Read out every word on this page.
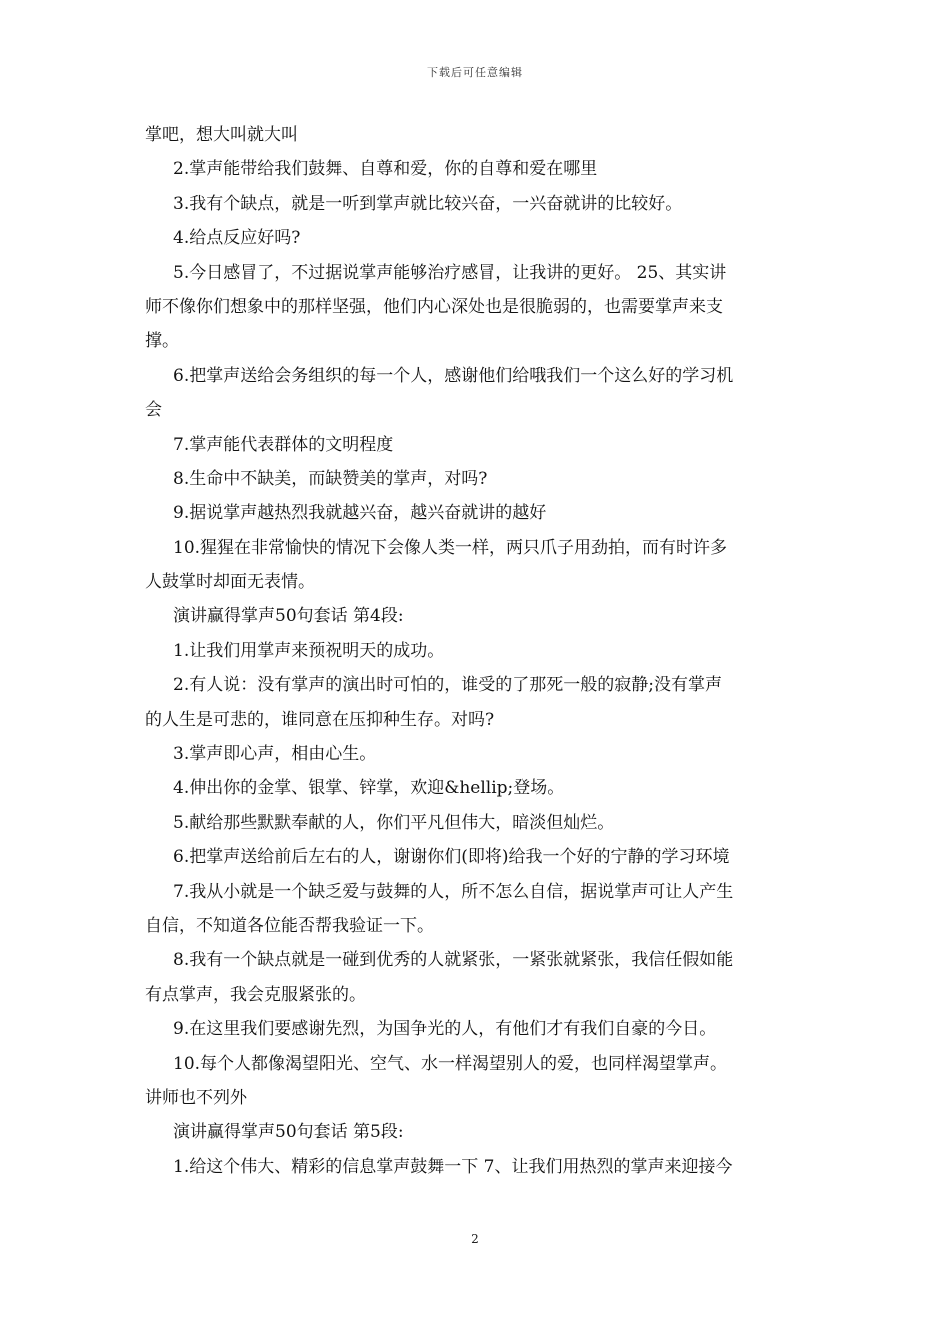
下载后可任意编辑
掌吧，想大叫就大叫
2.掌声能带给我们鼓舞、自尊和爱，你的自尊和爱在哪里
3.我有个缺点，就是一听到掌声就比较兴奋，一兴奋就讲的比较好。
4.给点反应好吗?
5.今日感冒了，不过据说掌声能够治疗感冒，让我讲的更好。 25、其实讲
师不像你们想象中的那样坚强，他们内心深处也是很脆弱的，也需要掌声来支
撑。
6.把掌声送给会务组织的每一个人，感谢他们给哦我们一个这么好的学习机
会
7.掌声能代表群体的文明程度
8.生命中不缺美，而缺赞美的掌声，对吗?
9.据说掌声越热烈我就越兴奋，越兴奋就讲的越好
10.猩猩在非常愉快的情况下会像人类一样，两只爪子用劲拍，而有时许多
人鼓掌时却面无表情。
演讲赢得掌声50句套话 第4段:
1.让我们用掌声来预祝明天的成功。
2.有人说：没有掌声的演出时可怕的，谁受的了那死一般的寂静;没有掌声
的人生是可悲的，谁同意在压抑种生存。对吗?
3.掌声即心声，相由心生。
4.伸出你的金掌、银掌、锌掌，欢迎&hellip;登场。
5.献给那些默默奉献的人，你们平凡但伟大，暗淡但灿烂。
6.把掌声送给前后左右的人，谢谢你们(即将)给我一个好的宁静的学习环境
7.我从小就是一个缺乏爱与鼓舞的人，所不怎么自信，据说掌声可让人产生
自信，不知道各位能否帮我验证一下。
8.我有一个缺点就是一碰到优秀的人就紧张，一紧张就紧张，我信任假如能
有点掌声，我会克服紧张的。
9.在这里我们要感谢先烈，为国争光的人，有他们才有我们自豪的今日。
10.每个人都像渴望阳光、空气、水一样渴望别人的爱，也同样渴望掌声。
讲师也不列外
演讲赢得掌声50句套话 第5段:
1.给这个伟大、精彩的信息掌声鼓舞一下 7、让我们用热烈的掌声来迎接今
2
